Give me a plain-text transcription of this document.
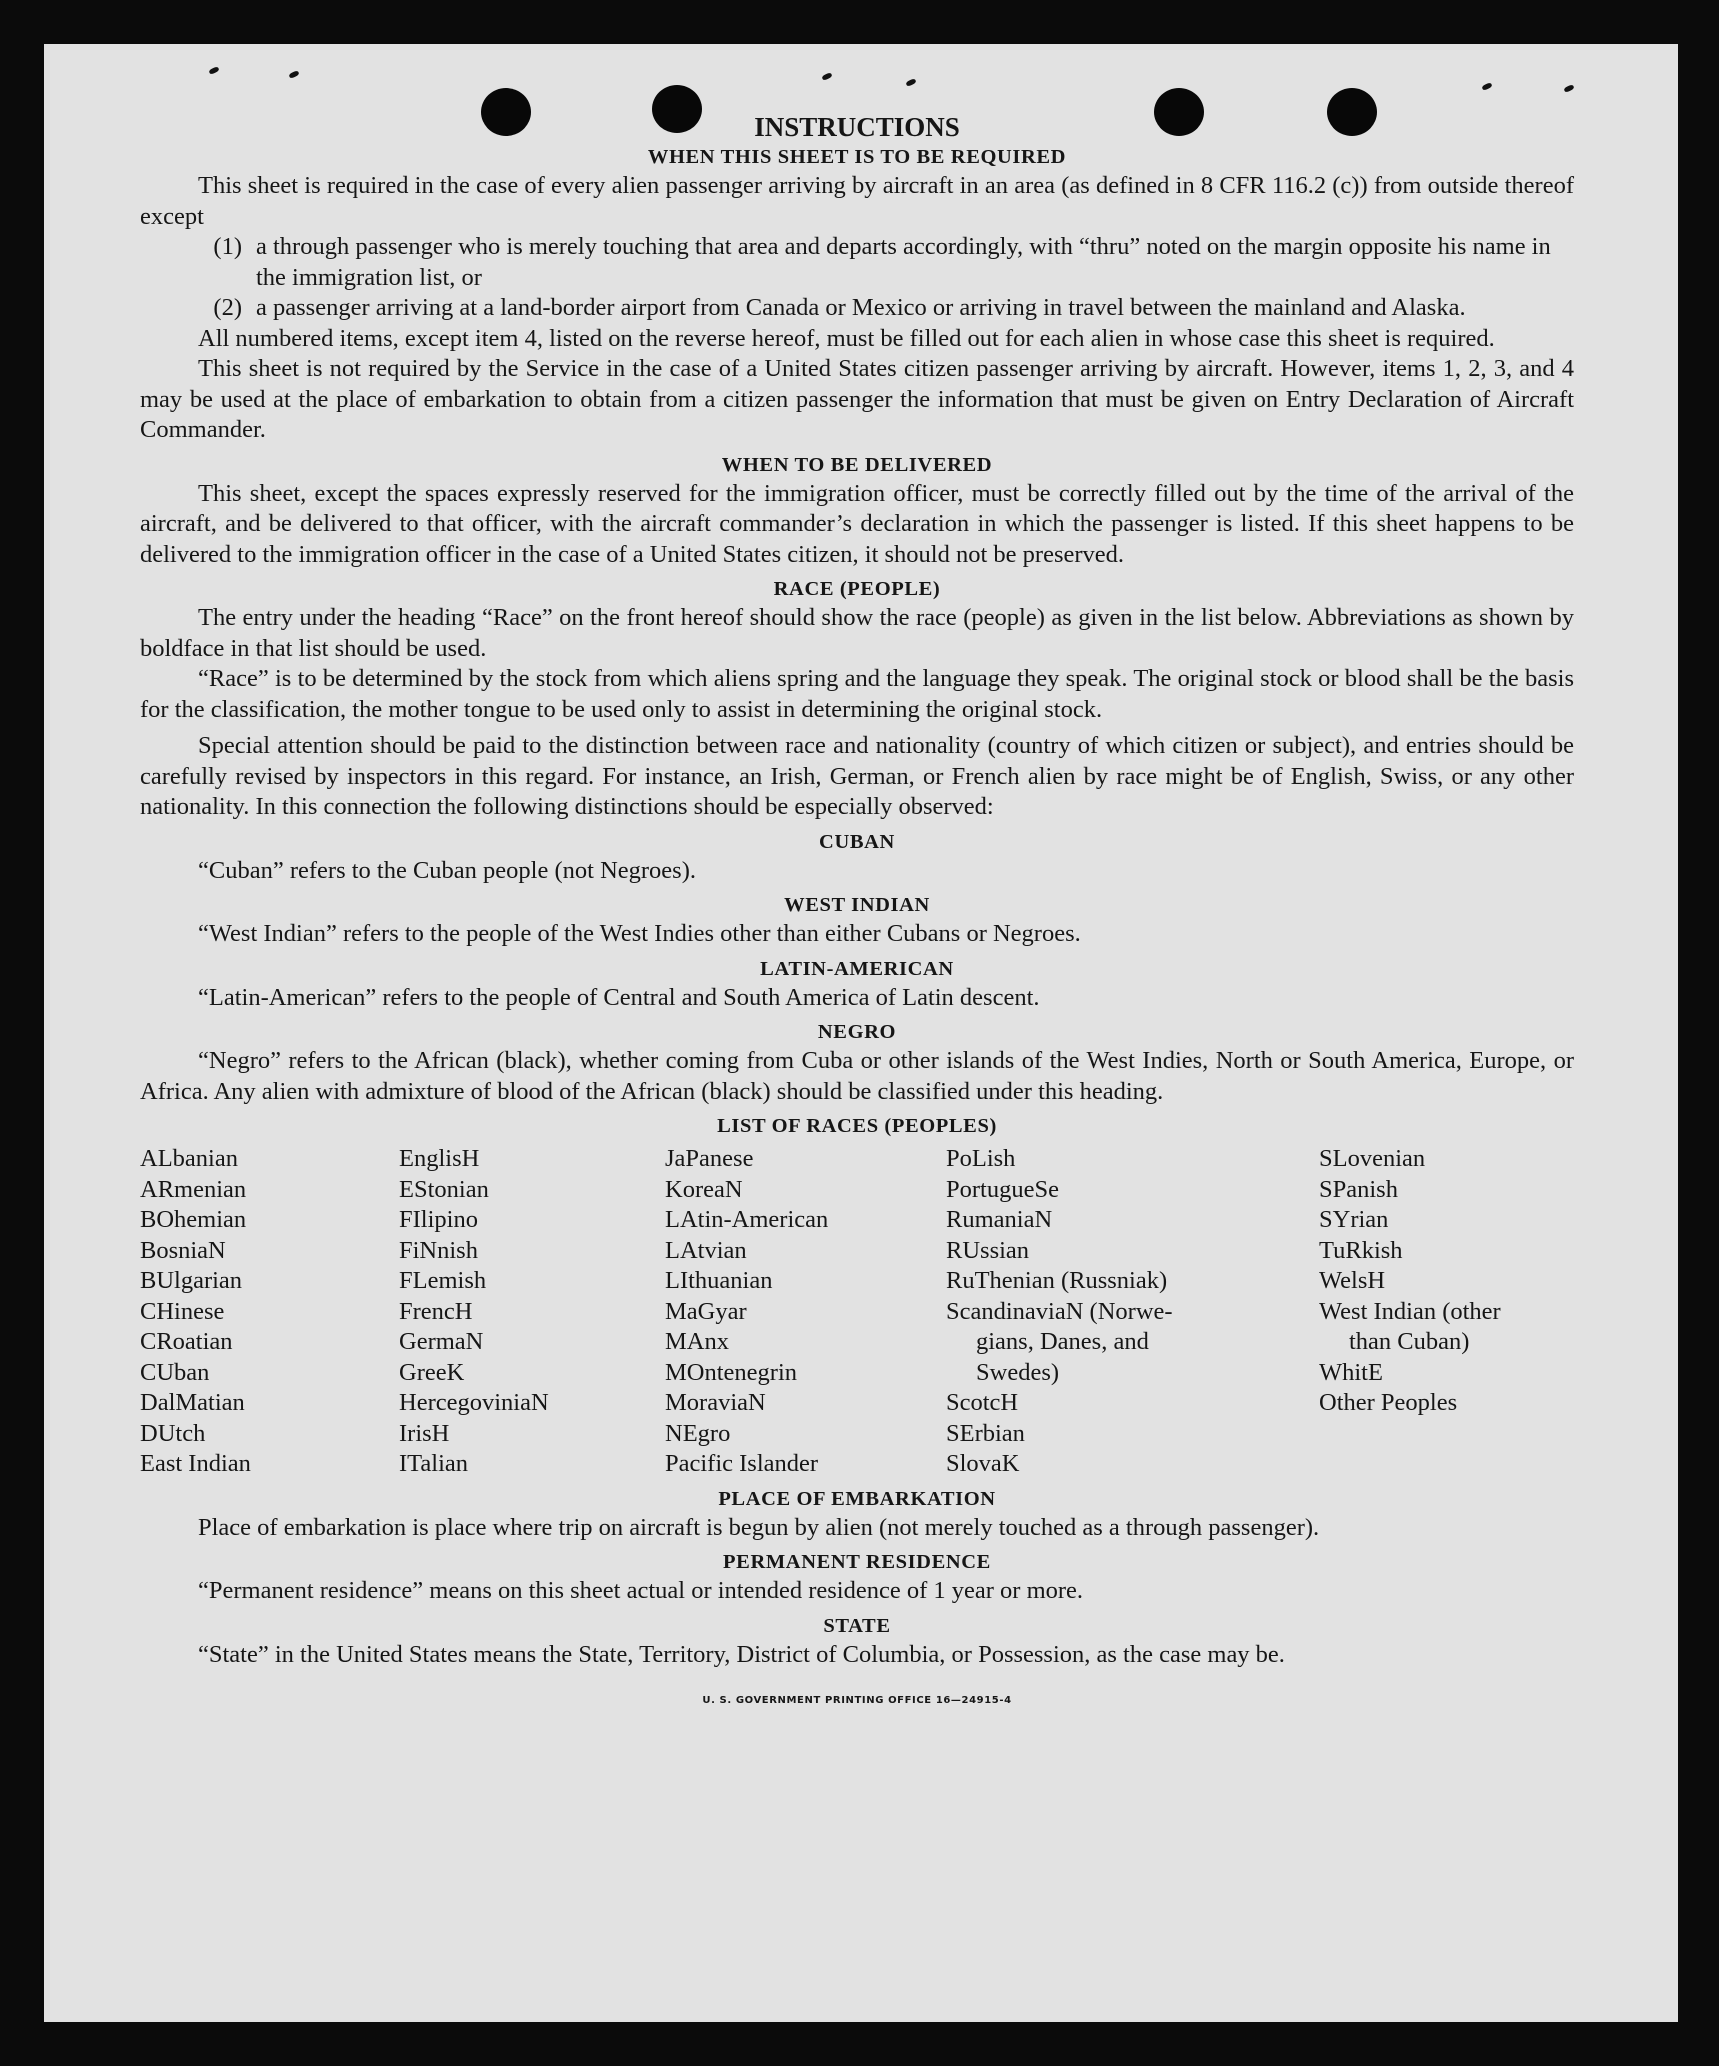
INSTRUCTIONS
WHEN THIS SHEET IS TO BE REQUIRED

This sheet is required in the case of every alien passenger arriving by aircraft in an area (as defined in 8 CFR 116.2 (c)) from outside thereof except

(1) a through passenger who is merely touching that area and departs accordingly, with “thru” noted on the margin opposite his name in the immigration list, or
(2) a passenger arriving at a land-border airport from Canada or Mexico or arriving in travel between the mainland and Alaska.

All numbered items, except item 4, listed on the reverse hereof, must be filled out for each alien in whose case this sheet is required.

This sheet is not required by the Service in the case of a United States citizen passenger arriving by aircraft. However, items 1, 2, 3, and 4 may be used at the place of embarkation to obtain from a citizen passenger the information that must be given on Entry Declaration of Aircraft Commander.

WHEN TO BE DELIVERED

This sheet, except the spaces expressly reserved for the immigration officer, must be correctly filled out by the time of the arrival of the aircraft, and be delivered to that officer, with the aircraft commander’s declaration in which the passenger is listed. If this sheet happens to be delivered to the immigration officer in the case of a United States citizen, it should not be preserved.

RACE (PEOPLE)

The entry under the heading “Race” on the front hereof should show the race (people) as given in the list below. Abbreviations as shown by boldface in that list should be used.

“Race” is to be determined by the stock from which aliens spring and the language they speak. The original stock or blood shall be the basis for the classification, the mother tongue to be used only to assist in determining the original stock.

Special attention should be paid to the distinction between race and nationality (country of which citizen or subject), and entries should be carefully revised by inspectors in this regard. For instance, an Irish, German, or French alien by race might be of English, Swiss, or any other nationality. In this connection the following distinctions should be especially observed:

CUBAN

“Cuban” refers to the Cuban people (not Negroes).

WEST INDIAN

“West Indian” refers to the people of the West Indies other than either Cubans or Negroes.

LATIN-AMERICAN

“Latin-American” refers to the people of Central and South America of Latin descent.

NEGRO

“Negro” refers to the African (black), whether coming from Cuba or other islands of the West Indies, North or South America, Europe, or Africa. Any alien with admixture of blood of the African (black) should be classified under this heading.

LIST OF RACES (PEOPLES)
ALbanian
ARmenian
BOhemian
BosniaN
BUlgarian
CHinese
CRoatian
CUban
DalMatian
DUtch
East Indian
EnglisH
EStonian
FIlipino
FiNnish
FLemish
FrencH
GermaN
GreeK
HercegoviniaN
IrisH
ITalian
JaPanese
KoreaN
LAtin-American
LAtvian
LIthuanian
MaGyar
MAnx
MOntenegrin
MoraviaN
NEgro
Pacific Islander
PoLish
PortugueSe
RumaniaN
RUssian
RuThenian (Russniak)
ScandinaviaN (Norwe-
gians, Danes, and
Swedes)
ScotcH
SErbian
SlovaK
SLovenian
SPanish
SYrian
TuRkish
WelsH
West Indian (other
than Cuban)
WhitE
Other Peoples
PLACE OF EMBARKATION

Place of embarkation is place where trip on aircraft is begun by alien (not merely touched as a through passenger).

PERMANENT RESIDENCE

“Permanent residence” means on this sheet actual or intended residence of 1 year or more.

STATE

“State” in the United States means the State, Territory, District of Columbia, or Possession, as the case may be.

U. S. GOVERNMENT PRINTING OFFICE 16—24915-4
